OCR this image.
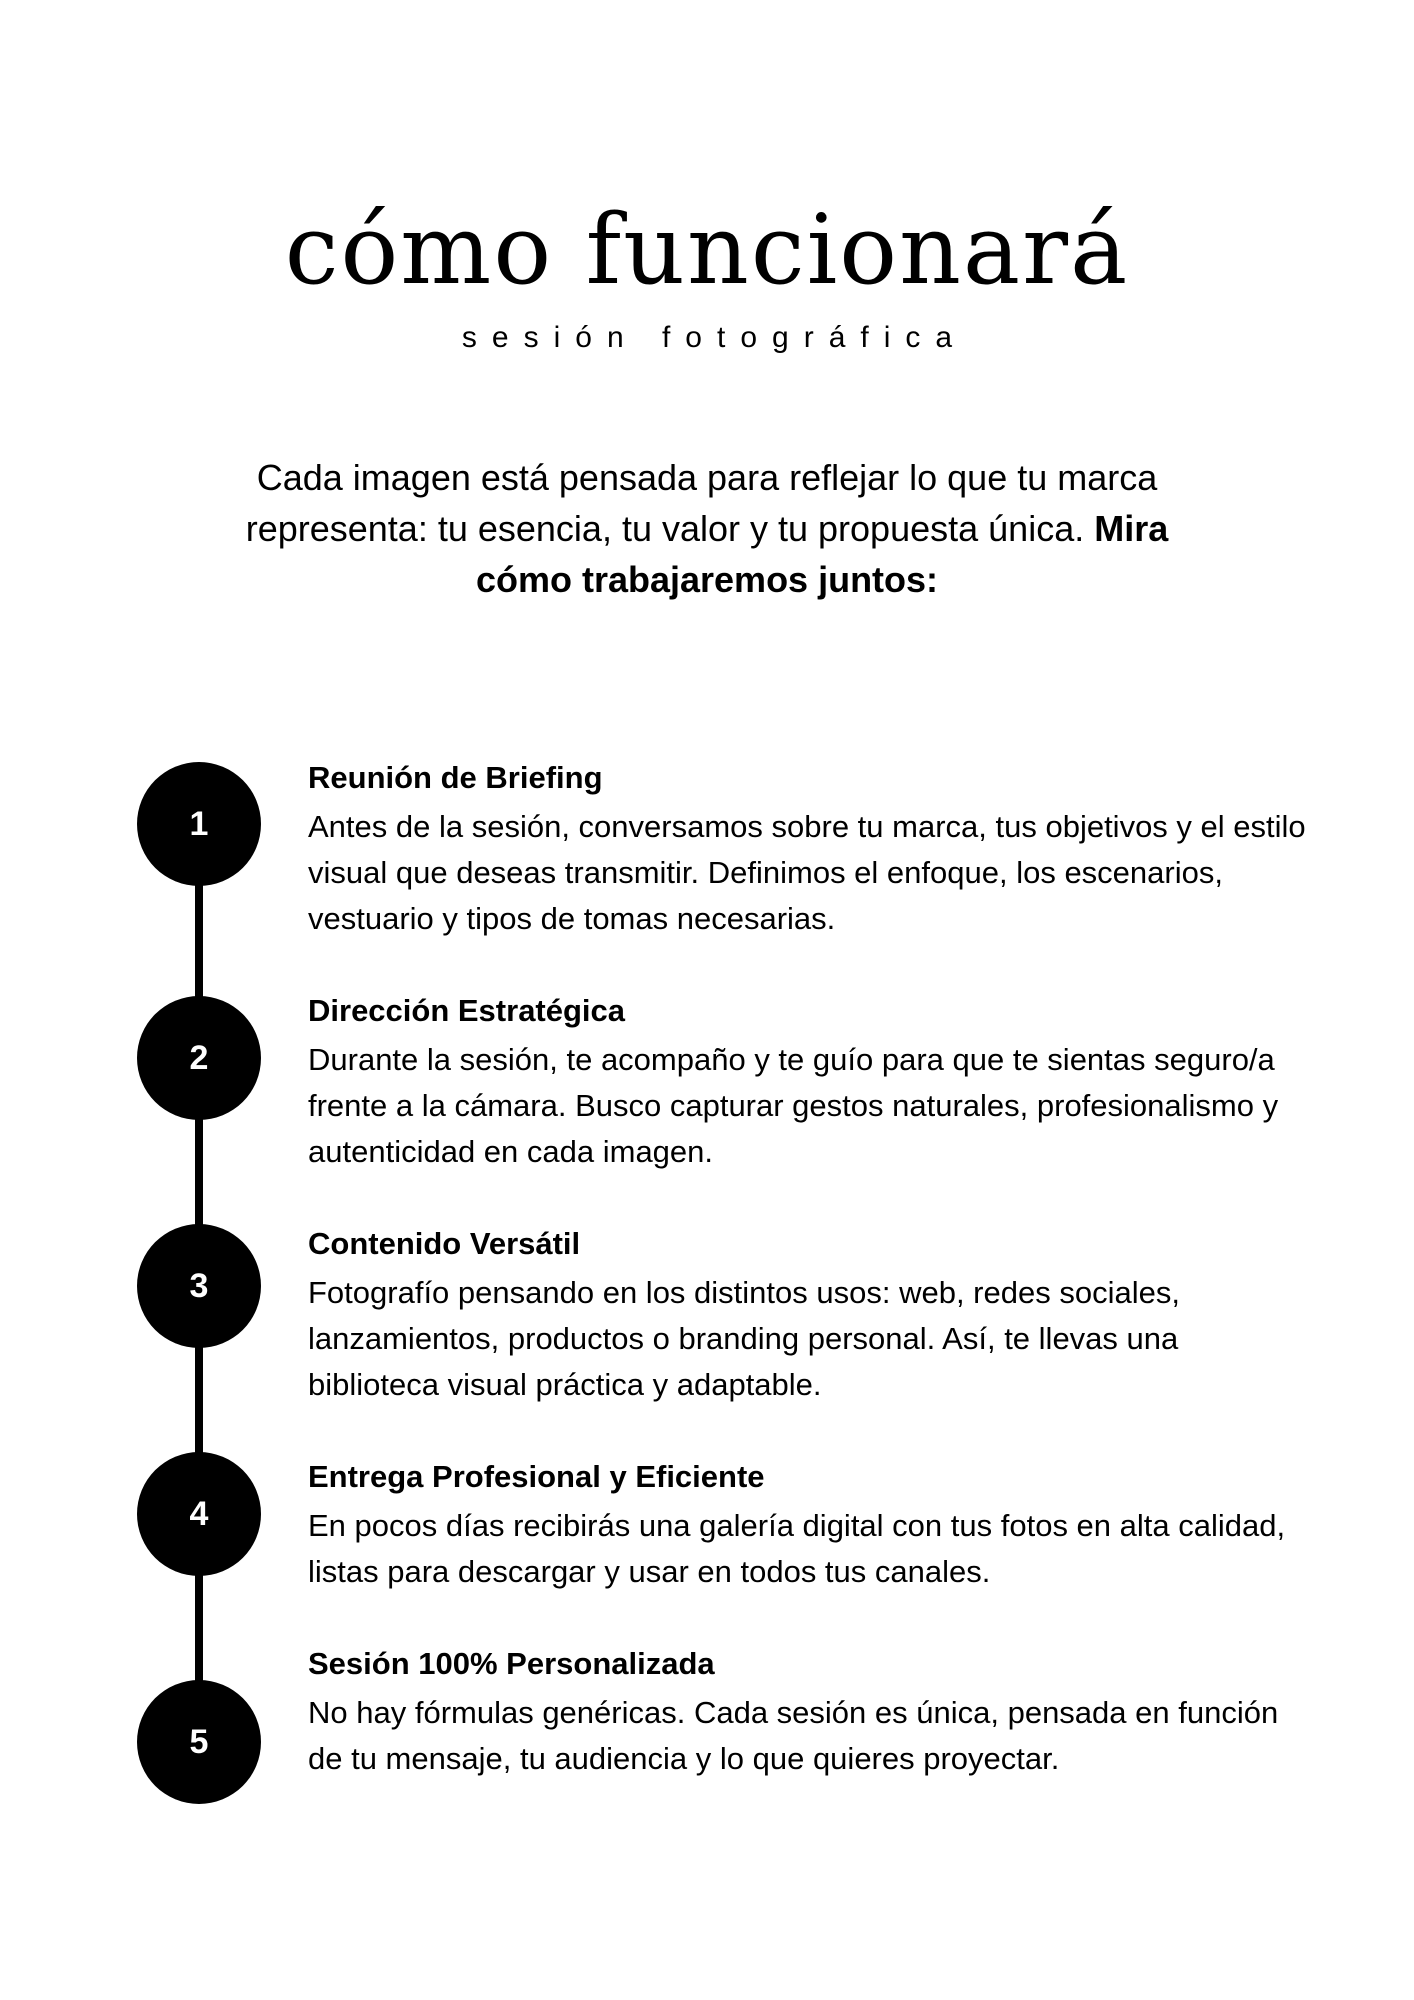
cómo funcionará
sesión fotográfica

Cada imagen está pensada para reflejar lo que tu marca representa: tu esencia, tu valor y tu propuesta única. Mira cómo trabajaremos juntos:

1
Reunión de Briefing

Antes de la sesión, conversamos sobre tu marca, tus objetivos y el estilo visual que deseas transmitir. Definimos el enfoque, los escenarios, vestuario y tipos de tomas necesarias.

2
Dirección Estratégica

Durante la sesión, te acompaño y te guío para que te sientas seguro/a frente a la cámara. Busco capturar gestos naturales, profesionalismo y autenticidad en cada imagen.

3
Contenido Versátil

Fotografío pensando en los distintos usos: web, redes sociales, lanzamientos, productos o branding personal. Así, te llevas una biblioteca visual práctica y adaptable.

4
Entrega Profesional y Eficiente

En pocos días recibirás una galería digital con tus fotos en alta calidad, listas para descargar y usar en todos tus canales.

5
Sesión 100% Personalizada

No hay fórmulas genéricas. Cada sesión es única, pensada en función de tu mensaje, tu audiencia y lo que quieres proyectar.
